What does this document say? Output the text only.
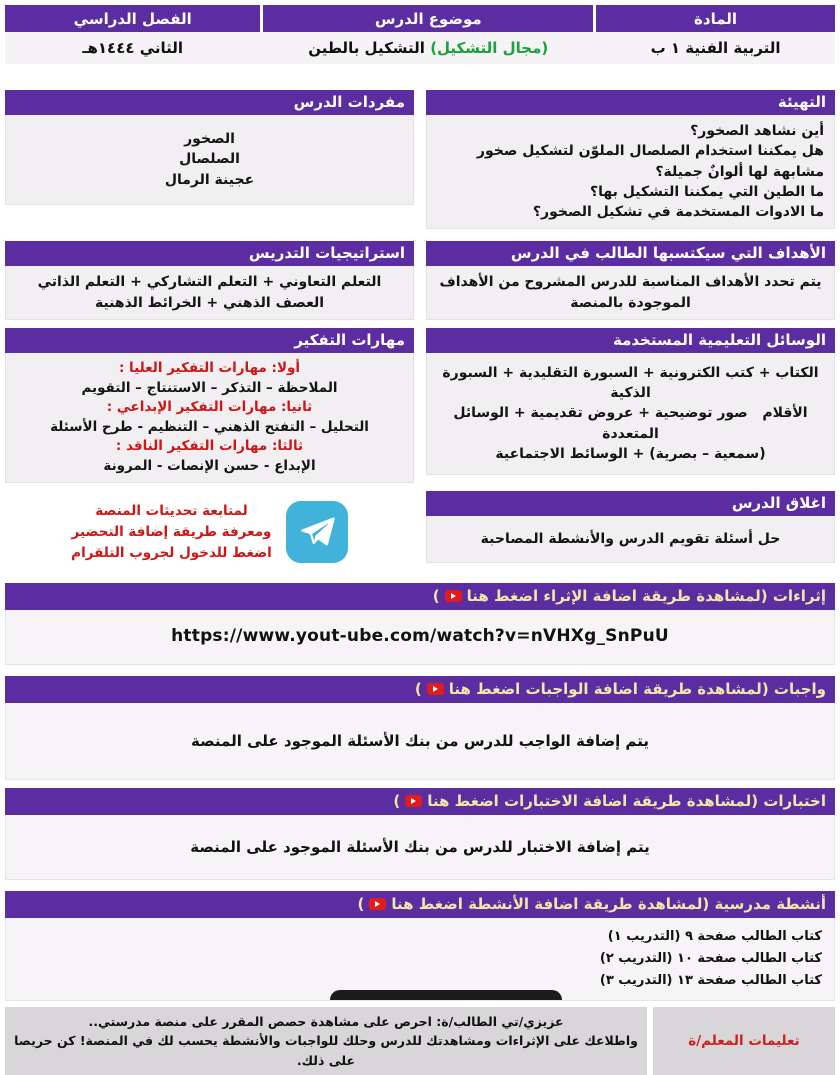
المادة
موضوع الدرس
الفصل الدراسي
التربية الفنية ١ ب
(مجال التشكيل) التشكيل بالطين
الثاني ١٤٤٤هـ
التهيئة
أين نشاهد الصخور؟
هل يمكننا استخدام الصلصال الملوّن لتشكيل صخور مشابهة لها ألوانٌ جميلة؟
ما الطين التي يمكننا التشكيل بها؟
ما الادوات المستخدمة في تشكيل الصخور؟
مفردات الدرس
الصخور
الصلصال
عجينة الرمال
الأهداف التي سيكتسبها الطالب في الدرس
يتم تحدد الأهداف المناسبة للدرس المشروح من الأهداف الموجودة بالمنصة
استراتيجيات التدريس
التعلم التعاوني + التعلم التشاركي + التعلم الذاتي
العصف الذهني + الخرائط الذهنية
الوسائل التعليمية المستخدمة
الكتاب + كتب الكترونية + السبورة التقليدية + السبورة الذكية
الأقلام   صور توضيحية + عروض تقديمية + الوسائل المتعددة
(سمعية – بصرية) + الوسائط الاجتماعية
مهارات التفكير
أولا: مهارات التفكير العليا :
الملاحظة – التذكر – الاستنتاج – التقويم
ثانيا: مهارات التفكير الإبداعي :
التحليل – التفتح الذهني – التنظيم - طرح الأسئلة
ثالثا: مهارات التفكير الناقد :
الإبداع - حسن الإنصات - المرونة
اغلاق الدرس
حل أسئلة تقويم الدرس والأنشطة المصاحبة
لمتابعة تحديثات المنصة
ومعرفة طريقة إضافة التحضير
اضغط للدخول لجروب التلقرام
إثراءات (لمشاهدة طريقة اضافة الإثراء اضغط هنا
)
https://www.yout-ube.com/watch?v=nVHXg_SnPuU
واجبات (لمشاهدة طريقة اضافة الواجبات اضغط هنا
)
يتم إضافة الواجب للدرس من بنك الأسئلة الموجود على المنصة
اختبارات (لمشاهدة طريقة اضافة الاختبارات اضغط هنا
)
يتم إضافة الاختبار للدرس من بنك الأسئلة الموجود على المنصة
أنشطة مدرسية (لمشاهدة طريقة اضافة الأنشطة اضغط هنا
)
كتاب الطالب صفحة ٩ (التدريب ١)
كتاب الطالب صفحة ١٠ (التدريب ٢)
كتاب الطالب صفحة ١٣ (التدريب ٣)
تعليمات المعلم/ة
عزيزي/تي الطالب/ة: احرص على مشاهدة حصص المقرر على منصة مدرستي..
واطلاعك على الإثراءات ومشاهدتك للدرس وحلك للواجبات والأنشطة يحسب لك في المنصة! كن حريصا على ذلك.
